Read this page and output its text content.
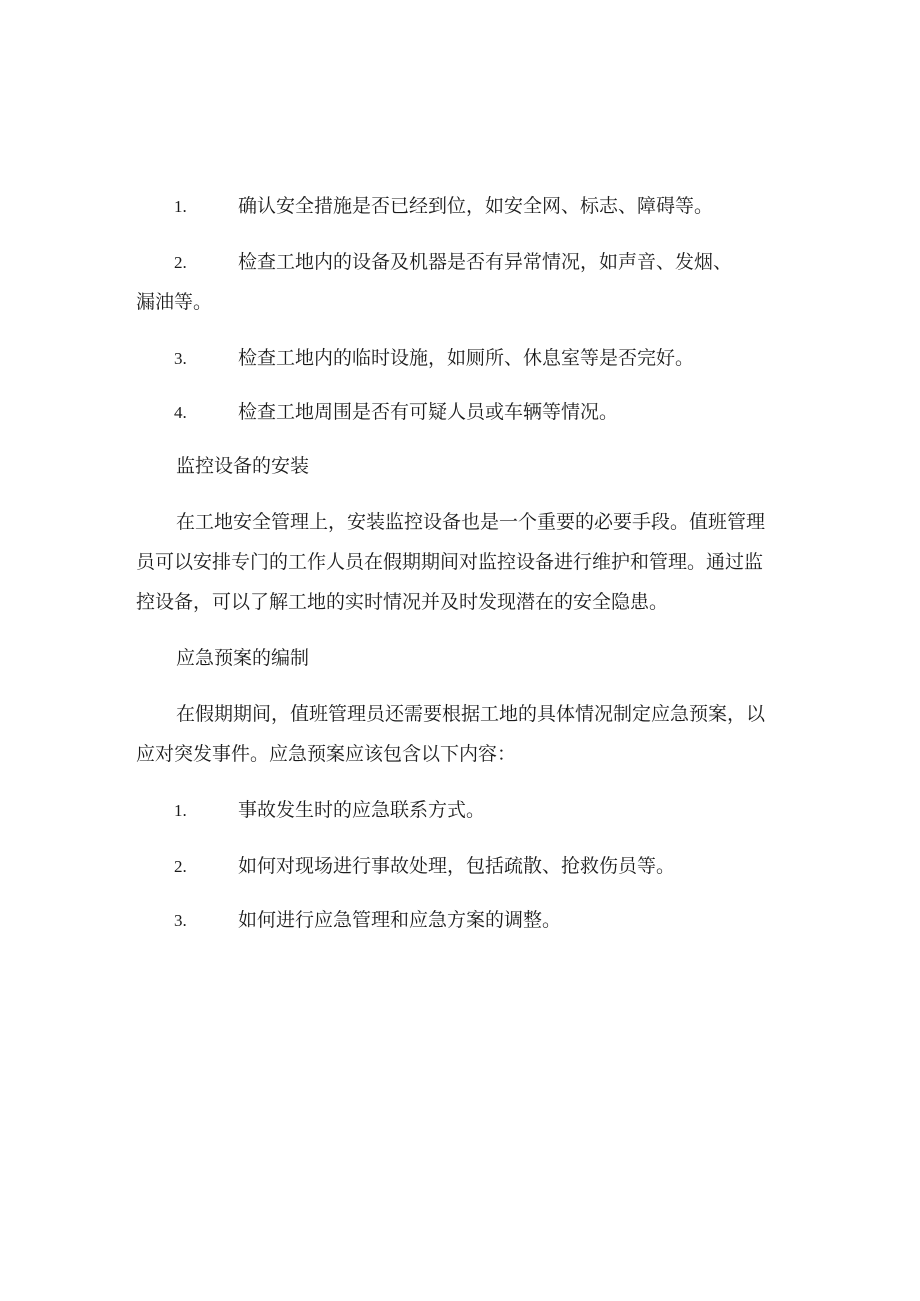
1.	确认安全措施是否已经到位，如安全网、标志、障碍等。
2.	检查工地内的设备及机器是否有异常情况，如声音、发烟、
漏油等。
3.	检查工地内的临时设施，如厕所、休息室等是否完好。
4.	检查工地周围是否有可疑人员或车辆等情况。
监控设备的安装
在工地安全管理上，安装监控设备也是一个重要的必要手段。值班管理
员可以安排专门的工作人员在假期期间对监控设备进行维护和管理。通过监
控设备，可以了解工地的实时情况并及时发现潜在的安全隐患。
应急预案的编制
在假期期间，值班管理员还需要根据工地的具体情况制定应急预案，以
应对突发事件。应急预案应该包含以下内容：
1.	事故发生时的应急联系方式。
2.	如何对现场进行事故处理，包括疏散、抢救伤员等。
3.	如何进行应急管理和应急方案的调整。
